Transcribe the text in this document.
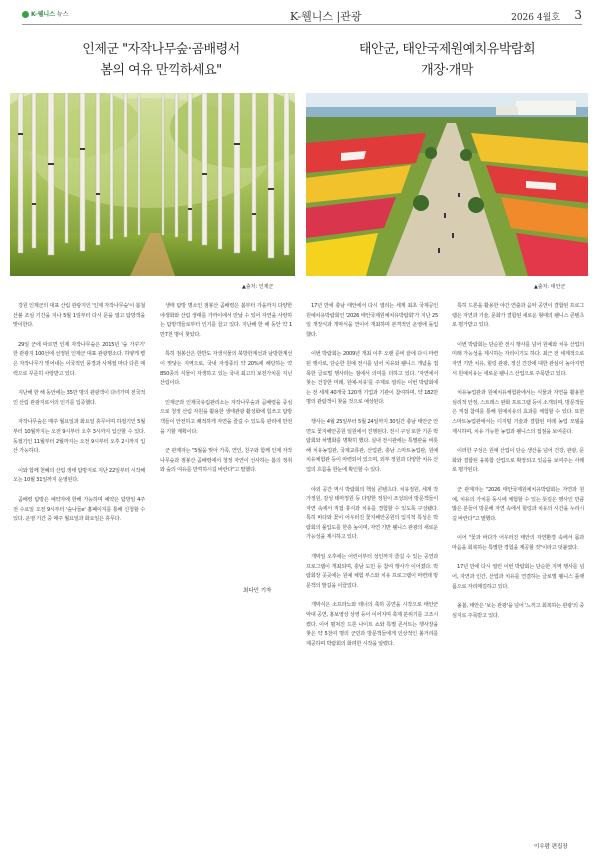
K-웰니스 뉴스	K-웰니스 |관광	2026 4월호 3
인제군 "자작나무숲·곰배령서
봄의 여유 만끽하세요"
태안군, 태안국제원예치유박람회
개장·개막
▲출처: 인제군	▲출처: 태안군

강원 인제군의 대표 산림 관광지인 '인제 자작나무숲'이 봄철 산불 조심 기간을 지나 5월 1일부터 다시 문을 열고 탐방객을 맞이한다.

29일 군에 따르면 인제 자작나무숲은 2015년 '숲 가꾸기' 한 관광지 100선에 선정된 인제군 대표 관광명소다. 하얗게 뻗은 자작나무가 빚어내는 이국적인 풍경과 사계절 마다 다른 매력으로 꾸준히 사랑받고 있다.

지난해 한 해 동안에는 35만 명의 관광객이 다녀가며 전국적인 산림 관광지로서의 인기를 입증했다.

자작나무숲은 매주 월요일과 화요일 휴무이며 하절기인 5월부터 10월까지는 오전 9시부터 오후 3시까지 입산할 수 있다. 동절기인 11월부터 2월까지는 오전 9시부터 오후 2시까지 입산 가능하다.

이와 함께 천혜의 산림 생태 탐방지로 지난 22일부터 시작해 오는 10월 31일까지 운영된다.

곰배령 탐방은 예약자에 한해 가능하며 예약은 탐방일 4주 전 수요일 오전 9시부터 '숲나들e' 홈페이지를 통해 신청할 수 있다. 운영 기간 중 매주 월요일과 화요일은 휴무다.

생태 탐방 명소인 점봉산 곰배령은 봄부터 가을까지 다양한 야생화와 산림 생태를 가까이에서 만날 수 있어 자연을 사랑하는 탐방객들로부터 인기를 끌고 있다. 지난해 한 해 동안 약 1만7천 명이 찾았다.

특히 점봉산은 한반도 자생식물의 북방한계선과 남방한계선이 맞닿는 지역으로, 국내 자생종의 약 20%에 해당하는 약 850종의 식물이 자생하고 있는 국내 최고의 보전가치를 지닌 산림이다.

인제군과 인제국유림관리소는 자작나무숲과 곰배령을 중심으로 청정 산림 자원을 활용한 생태관광 활성화에 힘쓰고 탐방객들이 안전하고 쾌적하게 자연을 즐길 수 있도록 관리에 만전을 기할 계획이다.

군 관계자는 "5월을 맞아 가족, 연인, 친구와 함께 인제 자작나무숲과 점봉산 곰배령에서 청정 자연이 선사하는 봄의 정취와 숲의 여유를 만끽하시길 바란다"고 말했다.

최다인 기자

17년 만에 충남 태안에서 다시 열리는 세계 최초 국제공인 원예치유박람회인 '2026 태안국제원예치유박람회'가 지난 25일 개장식과 개막식을 연이어 개최하며 본격적인 운영에 돌입했다.

이번 박람회는 2009년 개최 이후 오랜 준비 끝에 다시 마련된 행사로, 단순한 원예 전시를 넘어 치유와 웰니스 개념을 접목한 글로벌 행사라는 점에서 의미를 더하고 있다. '자연에서 찾는 건강한 미래, 원예-치유'를 주제로 열리는 이번 박람회에는 전 세계 40개국 120개 기업과 기관이 참여하며, 약 182만 명의 관람객이 찾을 것으로 예상된다.

행사는 4월 25일부터 5월 24일까지 30일간 충남 태안군 안면도 꽃지해안공원 일원에서 진행된다. 전시 구성 또한 기존 박람회와 차별화를 명확히 했다. 실내 전시관에는 특별관을 비롯해 치유농업관, 국제교류관, 산업관, 충남 스마트농업관, 원예치유체험관 등이 마련되어 있으며, 외부 정원과 다양한 치유 산업의 흐름을 한눈에 확인할 수 있다.

야외 공간 역시 박람회의 핵심 콘텐츠다. 치유정원, 세계 작가정원, 감성 테마정원 등 다양한 정원이 조성되어 방문객들이 자연 속에서 직접 휴식과 치유를 경험할 수 있도록 구성됐다. 특히 바다와 꽃이 어우러진 꽃지해안공원의 입지적 특성은 박람회의 몰입도를 한층 높이며, 자연 기반 웰니스 관광의 새로운 가능성을 제시하고 있다.

개막일 오후에는 어린이부터 성인까지 즐길 수 있는 공연과 프로그램이 개최되며, 충남 도민 등 참여 행사가 이어졌다. 박람회장 곳곳에는 원예 체험 부스와 치유 프로그램이 마련돼 방문객의 발길을 이끌었다.

개막식은 소프라노와 테너의 축하 공연을 시작으로 태안군악대 공연, 홍보영상 상영 등이 이어지며 축제 분위기를 고조시켰다. 이어 펼쳐진 드론 나이트 쇼와 특별 콘서트는 행사장을 찾은 약 5천여 명의 군민과 방문객들에게 인상적인 볼거리를 제공하며 박람회의 화려한 시작을 알렸다.

특히 드론을 활용한 야간 연출과 음악 공연이 결합된 프로그램은 자연과 기술, 문화가 결합된 새로운 형태의 웰니스 콘텐츠로 평가받고 있다.

이번 박람회는 단순한 전시 행사를 넘어 원예와 치유 산업의 미래 가능성을 제시하는 자리이기도 하다. 최근 전 세계적으로 자연 기반 치유, 힐링 관광, 정신 건강에 대한 관심이 높아지면서 원예치유는 새로운 웰니스 산업으로 주목받고 있다.

치유농업관과 원예치유체험관에서는 식물과 자연을 활용한 심리적 안정, 스트레스 완화 프로그램 등이 소개되며, 방문객들은 직접 참여를 통해 원예치유의 효과를 체험할 수 있다. 또한 스마트농업관에서는 디지털 기술과 결합된 미래 농업 모델을 제시하며, 치유 가능한 농업과 웰니스의 접점을 보여준다.

이러한 구성은 원예 산업이 단순 생산을 넘어 건강, 관광, 문화와 결합된 융복합 산업으로 확장되고 있음을 보여주는 사례로 평가된다.

군 관계자는 "2026 태안국제원예치유박람회는 자연과 원예, 치유의 가치를 동시에 체험할 수 있는 뜻깊은 행사인 만큼 많은 분들이 방문해 자연 속에서 힐링과 치유의 시간을 누리시길 바란다"고 말했다.

이어 "꽃과 바다가 어우러진 태안의 자연환경 속에서 몸과 마음을 회복하는 특별한 경험을 제공할 것"이라고 덧붙였다.

17년 만에 다시 열린 이번 박람회는 단순한 지역 행사를 넘어, 자연과 인간, 산업과 치유를 연결하는 글로벌 웰니스 플랫폼으로 자리매김하고 있다.

올봄, 태안은 '보는 관광'을 넘어 '느끼고 회복하는 관광'의 중심지로 주목받고 있다.

이우람 편집장
